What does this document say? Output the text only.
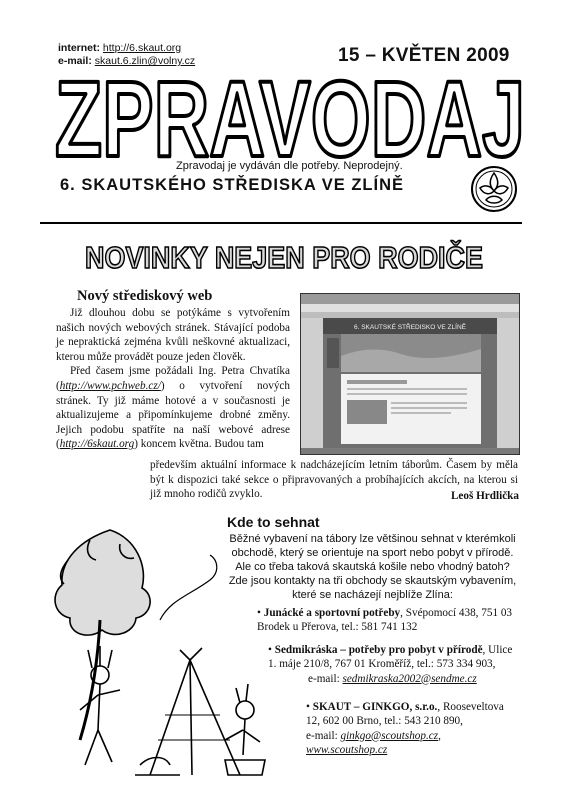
internet: http://6.skaut.org
e-mail: skaut.6.zlin@volny.cz	15 – KVĚTEN 2009
ZPRAVODAJ
Zpravodaj je vydáván dle potřeby. Neprodejný.
6. SKAUTSKÉHO STŘEDISKA VE ZLÍNĚ
NOVINKY NEJEN PRO RODIČE
Nový střediskový web

Již dlouhou dobu se potýkáme s vytvořením našich nových webových stránek. Stávající podoba je nepraktická zejména kvůli neškovné aktualizaci, kterou může provádět pouze jeden člověk.

Před časem jsme požádali Ing. Petra Chvatíka (http://www.pchweb.cz/) o vytvoření nových stránek. Ty již máme hotové a v současnosti je aktualizujeme a připomínkujeme drobné změny. Jejich podobu spatříte na naší webové adrese (http://6skaut.org) koncem května. Budou tam

6. SKAUTSKÉ STŘEDISKO VE ZLÍNĚ

především aktuální informace k nadcházejícím letním táborům. Časem by měla být k dispozici také sekce o připravovaných a probíhajících akcích, na kterou si již mnoho rodičů zvyklo.	Leoš Hrdlička
Kde to sehnat

Běžné vybavení na tábory lze většinou sehnat v kterémkoli obchodě, který se orientuje na sport nebo pobyt v přírodě.

Ale co třeba taková skautská košile nebo vhodný batoh?

Zde jsou kontakty na tři obchody se skautským vybavením, které se nacházejí nejblíže Zlína:

• Junácké a sportovní potřeby, Svépomocí 438, 751 03 Brodek u Přerova, tel.: 581 741 132
• Sedmikráska – potřeby pro pobyt v přírodě, Ulice 1. máje 210/8, 767 01 Kroměříž, tel.: 573 334 903,
e-mail: sedmikraska2002@sendme.cz
• SKAUT – GINKGO, s.r.o., Rooseveltova 12, 602 00 Brno, tel.: 543 210 890,
e-mail: ginkgo@scoutshop.cz,
www.scoutshop.cz
